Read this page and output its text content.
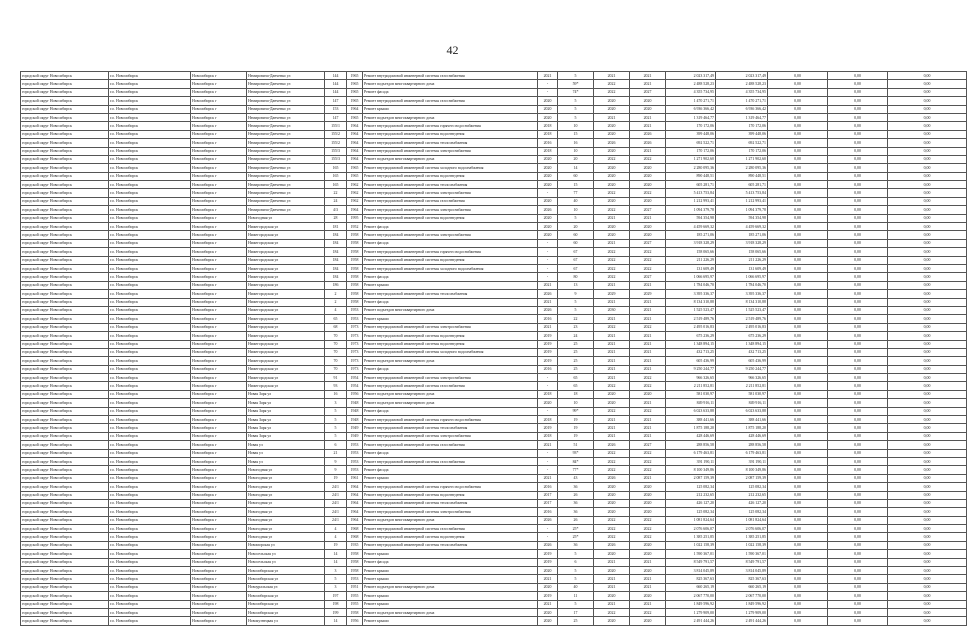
42
городской округ Новосибирск	г.о. Новосибирск	Новосибирск г	Немировича-Данченко ул	144	1965	Ремонт внутридомовой инженерной системы газоснабжения	2021	5	2021	2021	2 023 317,49	2 023 317,49	0,00	0,00	0,00
городской округ Новосибирск	г.о. Новосибирск	Новосибирск г	Немировича-Данченко ул	144	1965	Ремонт подъездов многоквартирного дома	-	59*	2022	2021	2 488 528,23	2 488 528,23	0,00	0,00	0,00
городской округ Новосибирск	г.о. Новосибирск	Новосибирск г	Немировича-Данченко ул	144	1965	Ремонт фасада	-	74*	2022	2027	4 355 734,95	4 355 734,95	0,00	0,00	0,00
городской округ Новосибирск	г.о. Новосибирск	Новосибирск г	Немировича-Данченко ул	147	1965	Ремонт внутридомовой инженерной системы газоснабжения	2020	5	2020	2020	1 470 271,71	1 470 271,71	0,00	0,00	0,00
городской округ Новосибирск	г.о. Новосибирск	Новосибирск г	Немировича-Данченко ул	153	1964	Ремонт крыши	2020	5	2020	2020	6 936 366,42	6 936 366,42	0,00	0,00	0,00
городской округ Новосибирск	г.о. Новосибирск	Новосибирск г	Немировича-Данченко ул	147	1965	Ремонт подъездов многоквартирного дома	2020	5	2021	2021	1 319 464,77	1 319 464,77	0,00	0,00	0,00
городской округ Новосибирск	г.о. Новосибирск	Новосибирск г	Немировича-Данченко ул	155/1	1964	Ремонт внутридомовой инженерной системы горячего водоснабжения	2018	10	2020	2021	170 172,06	170 172,06	0,00	0,00	0,00
городской округ Новосибирск	г.о. Новосибирск	Новосибирск г	Немировича-Данченко ул	155/2	1964	Ремонт внутридомовой инженерной системы водоотведения	2018	15	2020	2026	399 448,06	399 448,06	0,00	0,00	0,00
городской округ Новосибирск	г.о. Новосибирск	Новосибирск г	Немировича-Данченко ул	155/2	1964	Ремонт внутридомовой инженерной системы теплоснабжения	2016	16	2026	2026	692 522,71	692 522,71	0,00	0,00	0,00
городской округ Новосибирск	г.о. Новосибирск	Новосибирск г	Немировича-Данченко ул	155/3	1964	Ремонт внутридомовой инженерной системы электроснабжения	2018	10	2020	2021	170 172,06	170 172,06	0,00	0,00	0,00
городской округ Новосибирск	г.о. Новосибирск	Новосибирск г	Немировича-Данченко ул	155/3	1964	Ремонт подъездов многоквартирного дома	2020	20	2022	2022	1 271 902,60	1 271 902,60	0,00	0,00	0,00
городской округ Новосибирск	г.о. Новосибирск	Новосибирск г	Немировича-Данченко ул	165	1965	Ремонт внутридомовой инженерной системы холодного водоснабжения	2020	14	2020	2020	2 280 095,36	2 280 095,36	0,00	0,00	0,00
городской округ Новосибирск	г.о. Новосибирск	Новосибирск г	Немировича-Данченко ул	165	1965	Ремонт внутридомовой инженерной системы водоотведения	2020	60	2020	2020	890 448,51	890 448,51	0,00	0,00	0,00
городской округ Новосибирск	г.о. Новосибирск	Новосибирск г	Немировича-Данченко ул	165	1962	Ремонт внутридомовой инженерной системы теплоснабжения	2020	15	2020	2020	605 281,71	605 281,71	0,00	0,00	0,00
городской округ Новосибирск	г.о. Новосибирск	Новосибирск г	Немировича-Данченко ул	22	1962	Ремонт внутридомовой инженерной системы электроснабжения	-	77	2022	2022	5 413 753,84	5 413 753,84	0,00	0,00	0,00
городской округ Новосибирск	г.о. Новосибирск	Новосибирск г	Немировича-Данченко ул	24	1962	Ремонт внутридомовой инженерной системы газоснабжения	2020	40	2020	2020	1 212 993,41	1 212 993,41	0,00	0,00	0,00
городской округ Новосибирск	г.о. Новосибирск	Новосибирск г	Немировича-Данченко ул	4/3	1964	Ремонт внутридомовой инженерной системы электроснабжения	2026	10	2022	2027	1 094 379,78	1 094 379,78	0,00	0,00	0,00
городской округ Новосибирск	г.о. Новосибирск	Новосибирск г	Новогодняя ул	28	1995	Ремонт внутридомовой инженерной системы водоотведения	2020	5	2021	2021	594 354,98	594 354,98	0,00	0,00	0,00
городской округ Новосибирск	г.о. Новосибирск	Новосибирск г	Нижегородская ул	181	1952	Ремонт фасада	2020	20	2020	2020	4 459 669,32	4 459 669,32	0,00	0,00	0,00
городской округ Новосибирск	г.о. Новосибирск	Новосибирск г	Нижегородская ул	184	1958	Ремонт внутридомовой инженерной системы электроснабжения	2020	60	2020	2020	185 271,06	185 271,06	0,00	0,00	0,00
городской округ Новосибирск	г.о. Новосибирск	Новосибирск г	Нижегородская ул	184	1958	Ремонт фасада	-	60	2021	2027	3 918 328,29	3 918 328,29	0,00	0,00	0,00
городской округ Новосибирск	г.о. Новосибирск	Новосибирск г	Нижегородская ул	184	1958	Ремонт внутридомовой инженерной системы горячего водоснабжения	-	67	2022	2022	158 065,66	158 065,66	0,00	0,00	0,00
городской округ Новосибирск	г.о. Новосибирск	Новосибирск г	Нижегородская ул	184	1958	Ремонт внутридомовой инженерной системы водоотведения	-	67	2022	2022	211 226,29	211 226,29	0,00	0,00	0,00
городской округ Новосибирск	г.о. Новосибирск	Новосибирск г	Нижегородская ул	184	1958	Ремонт внутридомовой инженерной системы холодного водоснабжения	-	67	2022	2022	131 609,49	131 609,49	0,00	0,00	0,00
городской округ Новосибирск	г.о. Новосибирск	Новосибирск г	Нижегородская ул	184	1958	Ремонт фасада	-	80	2022	2027	1 066 695,97	1 066 695,97	0,00	0,00	0,00
городской округ Новосибирск	г.о. Новосибирск	Новосибирск г	Нижегородская ул	186	1958	Ремонт крыши	2021	13	2021	2021	1 784 046,70	1 784 046,70	0,00	0,00	0,00
городской округ Новосибирск	г.о. Новосибирск	Новосибирск г	Нижегородская ул	2	1958	Ремонт внутридомовой инженерной системы теплоснабжения	2026	9	2029	2029	3 395 336,37	3 395 336,37	0,00	0,00	0,00
городской округ Новосибирск	г.о. Новосибирск	Новосибирск г	Нижегородская ул	2	1958	Ремонт фасада	2021	5	2021	2021	8 134 310,88	8 134 310,88	0,00	0,00	0,00
городской округ Новосибирск	г.о. Новосибирск	Новосибирск г	Нижегородская ул	4	1953	Ремонт подъездов многоквартирного дома	2026	5	2030	2021	1 525 523,47	1 525 523,47	0,00	0,00	0,00
городской округ Новосибирск	г.о. Новосибирск	Новосибирск г	Нижегородская ул	65	1953	Ремонт крыши	2016	22	2021	2021	2 519 489,76	2 519 489,76	0,00	0,00	0,00
городской округ Новосибирск	г.о. Новосибирск	Новосибирск г	Нижегородская ул	68	1973	Ремонт внутридомовой инженерной системы электроснабжения	2021	23	2022	2022	2 495 016,83	2 495 016,83	0,00	0,00	0,00
городской округ Новосибирск	г.о. Новосибирск	Новосибирск г	Нижегородская ул	70	1973	Ремонт внутридомовой инженерной системы водоотведения	2019	24	2021	2021	675 236,29	675 236,29	0,00	0,00	0,00
городской округ Новосибирск	г.о. Новосибирск	Новосибирск г	Нижегородская ул	70	1973	Ремонт внутридомовой инженерной системы водоотведения	2019	25	2021	2021	1 348 894,15	1 348 894,15	0,00	0,00	0,00
городской округ Новосибирск	г.о. Новосибирск	Новосибирск г	Нижегородская ул	70	1973	Ремонт внутридомовой инженерной системы холодного водоснабжения	2019	25	2021	2021	432 713,25	432 713,25	0,00	0,00	0,00
городской округ Новосибирск	г.о. Новосибирск	Новосибирск г	Нижегородская ул	70	1973	Ремонт подъездов многоквартирного дома	2019	25	2021	2021	605 436,99	605 436,99	0,00	0,00	0,00
городской округ Новосибирск	г.о. Новосибирск	Новосибирск г	Нижегородская ул	70	1973	Ремонт фасада	2016	25	2021	2021	9 250 244,77	9 250 244,77	0,00	0,00	0,00
городской округ Новосибирск	г.о. Новосибирск	Новосибирск г	Нижегородская ул	91	1954	Ремонт внутридомовой инженерной системы электроснабжения	-	65	2021	2022	966 326,65	966 326,65	0,00	0,00	0,00
городской округ Новосибирск	г.о. Новосибирск	Новосибирск г	Нижегородская ул	93	1954	Ремонт внутридомовой инженерной системы газоснабжения	-	65	2022	2022	2 211 852,81	2 211 852,81	0,00	0,00	0,00
городской округ Новосибирск	г.о. Новосибирск	Новосибирск г	Новая Заря ул	16	1956	Ремонт подъездов многоквартирного дома	2018	18	2020	2020	581 030,97	581 030,97	0,00	0,00	0,00
городской округ Новосибирск	г.о. Новосибирск	Новосибирск г	Новая Заря ул	3	1948	Ремонт подъездов многоквартирного дома	2020	10	2020	2021	849 916,11	849 916,11	0,00	0,00	0,00
городской округ Новосибирск	г.о. Новосибирск	Новосибирск г	Новая Заря ул	5	1948	Ремонт фасада	-	99*	2022	2022	6 023 633,88	6 023 633,88	0,00	0,00	0,00
городской округ Новосибирск	г.о. Новосибирск	Новосибирск г	Новая Заря ул	5	1948	Ремонт внутридомовой инженерной системы горячего водоснабжения	2018	19	2021	2021	388 441,66	388 441,66	0,00	0,00	0,00
городской округ Новосибирск	г.о. Новосибирск	Новосибирск г	Новая Заря ул	5	1949	Ремонт внутридомовой инженерной системы теплоснабжения	2019	19	2021	2021	1 875 188,20	1 875 188,20	0,00	0,00	0,00
городской округ Новосибирск	г.о. Новосибирск	Новосибирск г	Новая Заря ул	5	1949	Ремонт внутридомовой инженерной системы электроснабжения	2018	19	2021	2021	428 446,69	428 446,69	0,00	0,00	0,00
городской округ Новосибирск	г.о. Новосибирск	Новосибирск г	Новая ул	6	1953	Ремонт внутридомовой инженерной системы газоснабжения	2021	51	2026	2027	288 856,58	288 856,58	0,00	0,00	0,00
городской округ Новосибирск	г.о. Новосибирск	Новосибирск г	Новая ул	21	1953	Ремонт фасада	-	93*	2022	2022	6 179 463,81	6 179 463,81	0,00	0,00	0,00
городской округ Новосибирск	г.о. Новосибирск	Новосибирск г	Новая ул	9	1953	Ремонт внутридомовой инженерной системы газоснабжения	-	84*	2022	2022	391 190,11	391 190,11	0,00	0,00	0,00
городской округ Новосибирск	г.о. Новосибирск	Новосибирск г	Новогодняя ул	9	1953	Ремонт фасада	-	77*	2022	2022	8 100 349,86	8 100 349,86	0,00	0,00	0,00
городской округ Новосибирск	г.о. Новосибирск	Новосибирск г	Новогодняя ул	19	1961	Ремонт крыши	2021	43	2026	2021	2 087 159,39	2 087 159,39	0,00	0,00	0,00
городской округ Новосибирск	г.о. Новосибирск	Новосибирск г	Новогодняя ул	24/1	1964	Ремонт внутридомовой инженерной системы горячего водоснабжения	2016	36	2020	2020	125 082,34	125 082,34	0,00	0,00	0,00
городской округ Новосибирск	г.о. Новосибирск	Новосибирск г	Новогодняя ул	24/1	1964	Ремонт внутридомовой инженерной системы водоотведения	2017	26	2020	2020	212 232,65	212 232,65	0,00	0,00	0,00
городской округ Новосибирск	г.о. Новосибирск	Новосибирск г	Новогодняя ул	24/1	1964	Ремонт внутридомовой инженерной системы теплоснабжения	2017	36	2020	2020	426 127,20	426 127,20	0,00	0,00	0,00
городской округ Новосибирск	г.о. Новосибирск	Новосибирск г	Новогодняя ул	24/1	1964	Ремонт внутридомовой инженерной системы электроснабжения	2016	36	2020	2020	125 082,34	125 082,34	0,00	0,00	0,00
городской округ Новосибирск	г.о. Новосибирск	Новосибирск г	Новогодняя ул	24/1	1964	Ремонт подъездов многоквартирного дома	2026	26	2022	2022	1 081 824,64	1 081 824,64	0,00	0,00	0,00
городской округ Новосибирск	г.о. Новосибирск	Новосибирск г	Новогодняя ул	4	1968	Ремонт внутридомовой инженерной системы газоснабжения	-	25*	2022	2022	2 076 606,07	2 076 606,07	0,00	0,00	0,00
городской округ Новосибирск	г.о. Новосибирск	Новосибирск г	Новогодняя ул	4	1968	Ремонт внутридомовой инженерной системы водоотведения	-	25*	2022	2022	1 385 251,85	1 385 251,85	0,00	0,00	0,00
городской округ Новосибирск	г.о. Новосибирск	Новосибирск г	Новоморская ул	19	1935	Ремонт внутридомовой инженерной системы теплоснабжения	2026	36	2026	2020	1 022 158,39	1 022 158,39	0,00	0,00	0,00
городской округ Новосибирск	г.о. Новосибирск	Новосибирск г	Новосельская ул	14	1958	Ремонт крыши	2019	5	2020	2020	1 590 367,01	1 590 367,01	0,00	0,00	0,00
городской округ Новосибирск	г.о. Новосибирск	Новосибирск г	Новосельская ул	14	1958	Ремонт фасада	2019	6	2021	2021	8 549 791,57	8 549 791,57	0,00	0,00	0,00
городской округ Новосибирск	г.о. Новосибирск	Новосибирск г	Новосибирская ул	3	1958	Ремонт крыши	2020	5	2020	2020	3 814 045,89	3 814 045,89	0,00	0,00	0,00
городской округ Новосибирск	г.о. Новосибирск	Новосибирск г	Новосибирская ул	5	1953	Ремонт крыши	2021	5	2021	2021	825 367,63	825 367,63	0,00	0,00	0,00
городской округ Новосибирск	г.о. Новосибирск	Новосибирск г	Новоуральская ул	3	1951	Ремонт подъездов многоквартирного дома	2020	40	2021	2021	660 265,19	660 265,19	0,00	0,00	0,00
городской округ Новосибирск	г.о. Новосибирск	Новосибирск г	Новосибирская ул	197	1955	Ремонт крыши	2019	11	2020	2020	2 067 770,00	2 067 770,00	0,00	0,00	0,00
городской округ Новосибирск	г.о. Новосибирск	Новосибирск г	Новосибирская ул	198	1955	Ремонт крыши	2021	5	2021	2021	1 849 596,92	1 849 596,92	0,00	0,00	0,00
городской округ Новосибирск	г.о. Новосибирск	Новосибирск г	Новосибирская ул	199	1958	Ремонт подъездов многоквартирного дома	2020	17	2022	2022	1 279 909,00	1 279 909,00	0,00	0,00	0,00
городской округ Новосибирск	г.о. Новосибирск	Новосибирск г	Новокузнецкая ул	14	1956	Ремонт крыши	2020	25	2020	2020	2 491 444,26	2 491 444,26	0,00	0,00	0,00
